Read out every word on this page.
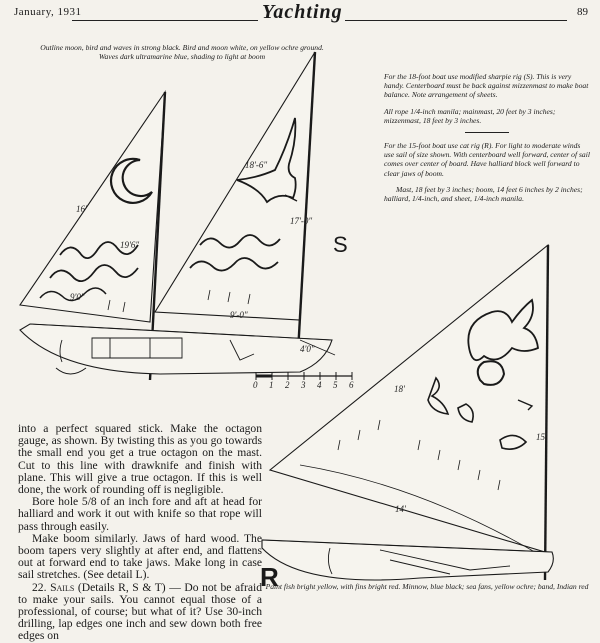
January, 1931	Yachting	89
Outline moon, bird and waves in strong black. Bird and moon white, on yellow ochre ground. Waves dark ultramarine blue, shading to light at boom

For the 18-foot boat use modified sharpie rig (S). This is very handy. Centerboard must be back against mizzenmast to make boat balance. Note arrangement of sheets.

All rope 1/4-inch manila; mainmast, 20 feet by 3 inches; mizzenmast, 18 feet by 3 inches.

For the 15-foot boat use cat rig (R). For light to moderate winds use sail of size shown. With centerboard well forward, center of sail comes over center of board. Have halliard block well forward to clear jaws of boom.

Mast, 18 feet by 3 inches; boom, 14 feet 6 inches by 2 inches; halliard, 1/4-inch, and sheet, 1/4-inch manila.

16'
19'6"
18'-6"
17'-0"
9'0"
9'-0"
4'0"
18'
14'
15'
0 1 2 3 4 5 6
S
R

into a perfect squared stick. Make the octagon gauge, as shown. By twisting this as you go towards the small end you get a true octagon on the mast. Cut to this line with drawknife and finish with plane. This will give a true octagon. If this is well done, the work of rounding off is negligible.

Bore hole 5/8 of an inch fore and aft at head for halliard and work it out with knife so that rope will pass through easily.

Make boom similarly. Jaws of hard wood. The boom tapers very slightly at after end, and flattens out at forward end to take jaws. Make long in case sail stretches. (See detail L).

22. Sails (Details R, S & T) — Do not be afraid to make your sails. You cannot equal those of a professional, of course; but what of it? Use 30-inch drilling, lap edges one inch and sew down both free edges on

Paint fish bright yellow, with fins bright red. Minnow, blue black; sea fans, yellow ochre; band, Indian red
